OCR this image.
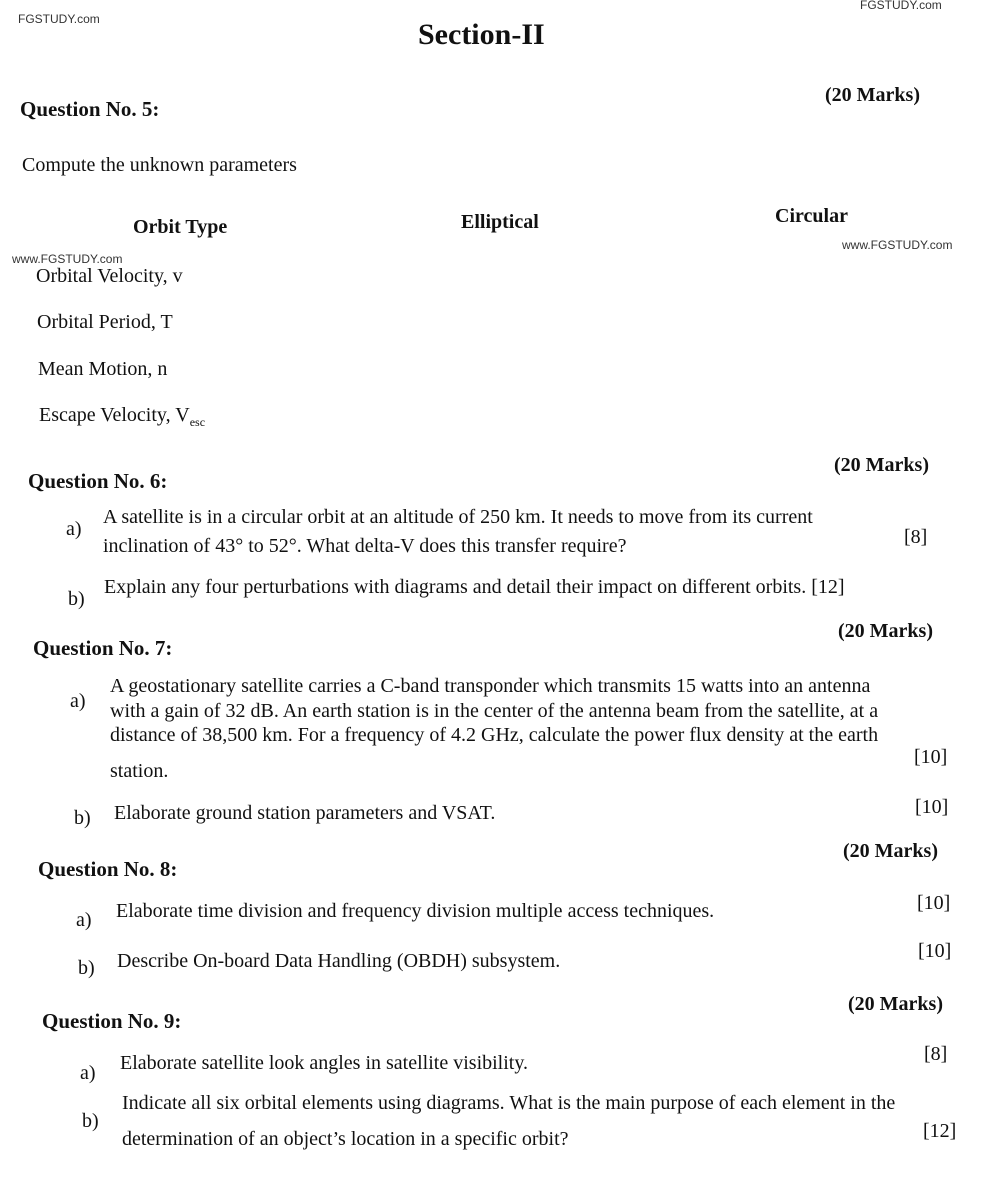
FGSTUDY.com
FGSTUDY.com
www.FGSTUDY.com
www.FGSTUDY.com
Section-II
Question No. 5:
(20 Marks)
Compute the unknown parameters
Orbit Type	Elliptical	Circular
Orbital Velocity, v
Orbital Period, T
Mean Motion, n
Escape Velocity, $V_{esc}$
Question No. 6:
(20 Marks)
a)
A satellite is in a circular orbit at an altitude of 250 km. It needs to move from its current
inclination of 43° to 52°. What delta-V does this transfer require?	[8]
b)
Explain any four perturbations with diagrams and detail their impact on different orbits. [12]
Question No. 7:
(20 Marks)
a)
A geostationary satellite carries a C-band transponder which transmits 15 watts into an antenna
with a gain of 32 dB. An earth station is in the center of the antenna beam from the satellite, at a
distance of 38,500 km. For a frequency of 4.2 GHz, calculate the power flux density at the earth
station.
[10]
b) Elaborate ground station parameters and VSAT.	[10]
Question No. 8:
(20 Marks)
a) Elaborate time division and frequency division multiple access techniques.	[10]
b) Describe On-board Data Handling (OBDH) subsystem.	[10]
Question No. 9:
(20 Marks)
a) Elaborate satellite look angles in satellite visibility.	[8]
b)
Indicate all six orbital elements using diagrams. What is the main purpose of each element in the
determination of an object’s location in a specific orbit?	[12]
